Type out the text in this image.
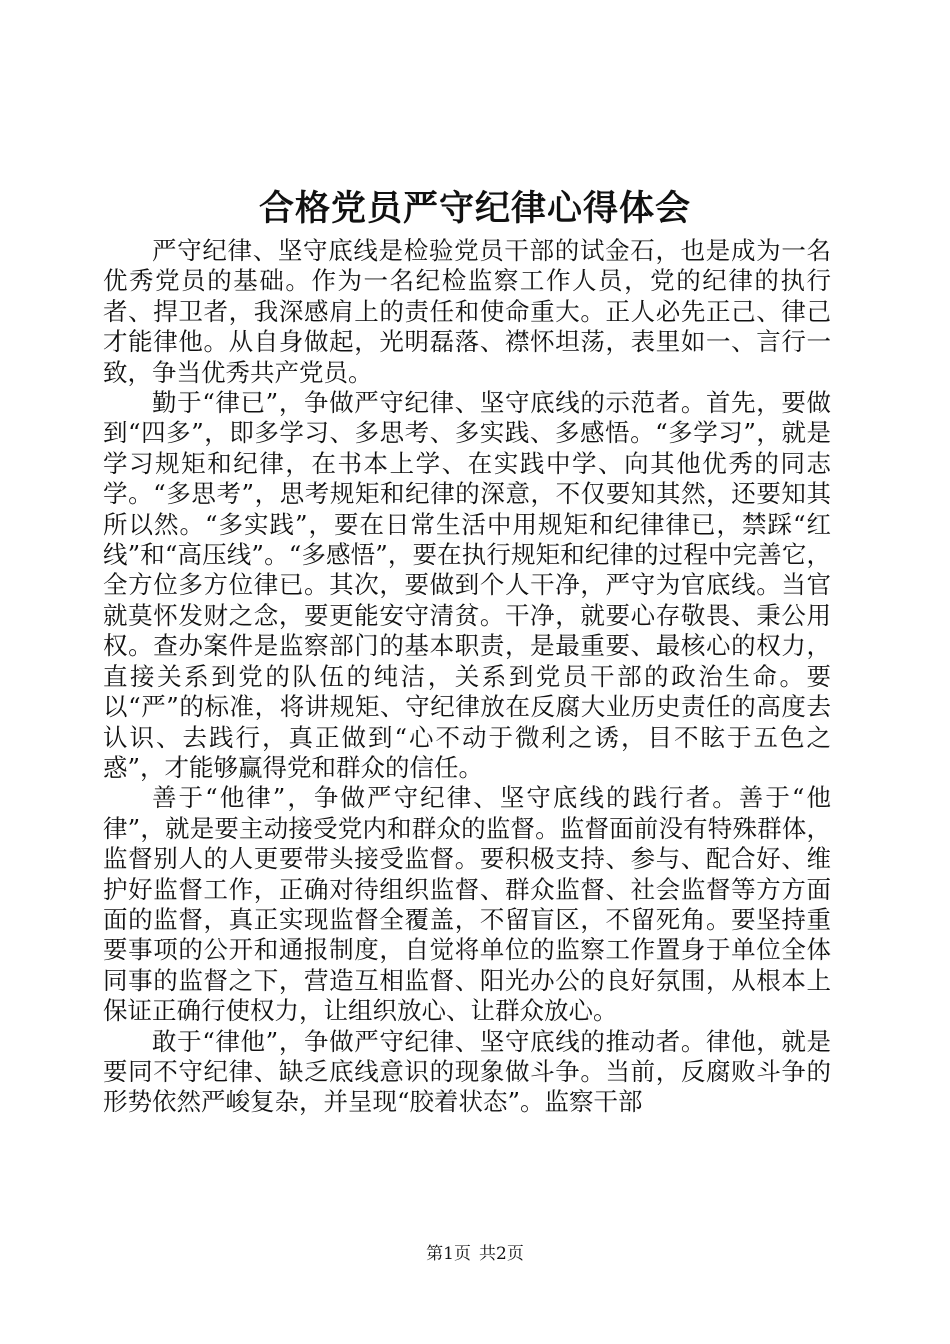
合格党员严守纪律心得体会

严守纪律、坚守底线是检验党员干部的试金石，也是成为一名优秀党员的基础。作为一名纪检监察工作人员，党的纪律的执行者、捍卫者，我深感肩上的责任和使命重大。正人必先正己、律己才能律他。从自身做起，光明磊落、襟怀坦荡，表里如一、言行一致，争当优秀共产党员。

勤于“律已”，争做严守纪律、坚守底线的示范者。首先，要做到“四多”，即多学习、多思考、多实践、多感悟。“多学习”，就是学习规矩和纪律，在书本上学、在实践中学、向其他优秀的同志学。“多思考”，思考规矩和纪律的深意，不仅要知其然，还要知其所以然。“多实践”，要在日常生活中用规矩和纪律律已，禁踩“红线”和“高压线”。“多感悟”，要在执行规矩和纪律的过程中完善它，全方位多方位律已。其次，要做到个人干净，严守为官底线。当官就莫怀发财之念，要更能安守清贫。干净，就要心存敬畏、秉公用权。查办案件是监察部门的基本职责，是最重要、最核心的权力，直接关系到党的队伍的纯洁，关系到党员干部的政治生命。要以“严”的标准，将讲规矩、守纪律放在反腐大业历史责任的高度去认识、去践行，真正做到“心不动于微利之诱，目不眩于五色之惑”，才能够赢得党和群众的信任。

善于“他律”，争做严守纪律、坚守底线的践行者。善于“他律”，就是要主动接受党内和群众的监督。监督面前没有特殊群体，监督别人的人更要带头接受监督。要积极支持、参与、配合好、维护好监督工作，正确对待组织监督、群众监督、社会监督等方方面面的监督，真正实现监督全覆盖，不留盲区，不留死角。要坚持重要事项的公开和通报制度，自觉将单位的监察工作置身于单位全体同事的监督之下，营造互相监督、阳光办公的良好氛围，从根本上保证正确行使权力，让组织放心、让群众放心。

敢于“律他”，争做严守纪律、坚守底线的推动者。律他，就是要同不守纪律、缺乏底线意识的现象做斗争。当前，反腐败斗争的形势依然严峻复杂，并呈现“胶着状态”。监察干部

第1页 共2页
